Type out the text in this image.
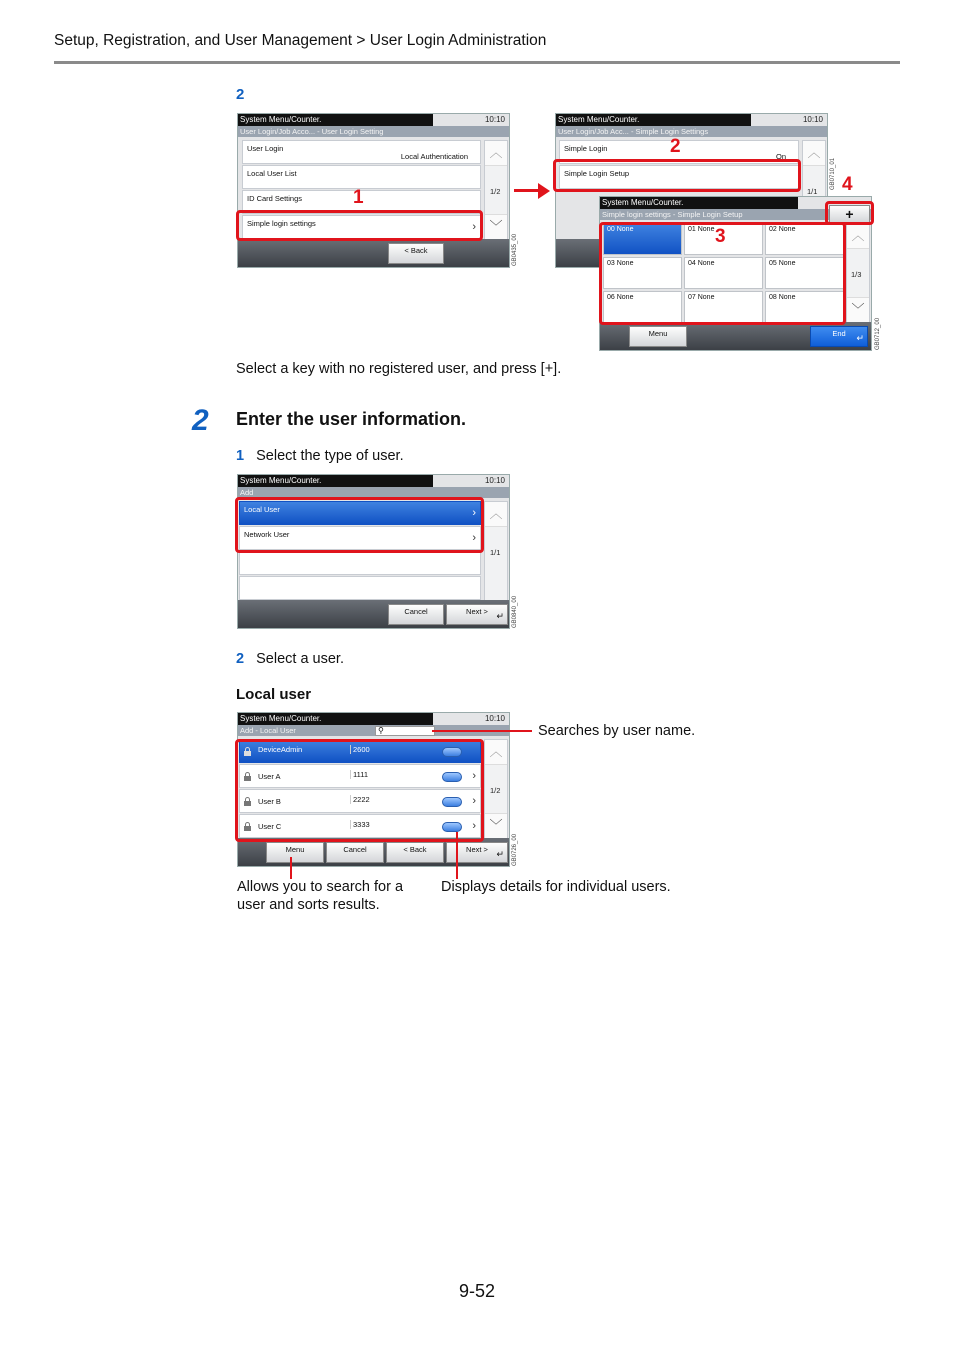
Setup, Registration, and User Management > User Login Administration
2
System Menu/Counter.	10:10
User Login/Job Acco... - User Login Setting
User Login
Local Authentication
Local User List
ID Card Settings
Simple login settings	›
︿
1/2
﹀
< Back	GB0435_00
1
System Menu/Counter.	10:10
User Login/Job Acc... - Simple Login Settings
Simple Login
On
Simple Login Setup
︿
1/1
GB0710_01
2
System Menu/Counter.
Simple login settings - Simple Login Setup
00 None	01 None	02 None
03 None	04 None	05 None
06 None	07 None	08 None
︿
1/3
﹀
Menu	End ↵
+
GB0712_00
3
4
Select a key with no registered user, and press [+].
2 Enter the user information.
1 Select the type of user.
System Menu/Counter.	10:10
Add
Local User	›
Network User	›
︿
1/1
Cancel	Next > ↵ GB0840_00
2 Select a user.
Local user
System Menu/Counter.	10:10
Add - Local User	⚲
DeviceAdmin	2600
User A	1111	›
User B	2222	›
User C	3333	›
︿
1/2
﹀
Menu	Cancel	< Back	Next > ↵ GB0726_00
Searches by user name.
Allows you to search for a
user and sorts results.
Displays details for individual users.
9-52
